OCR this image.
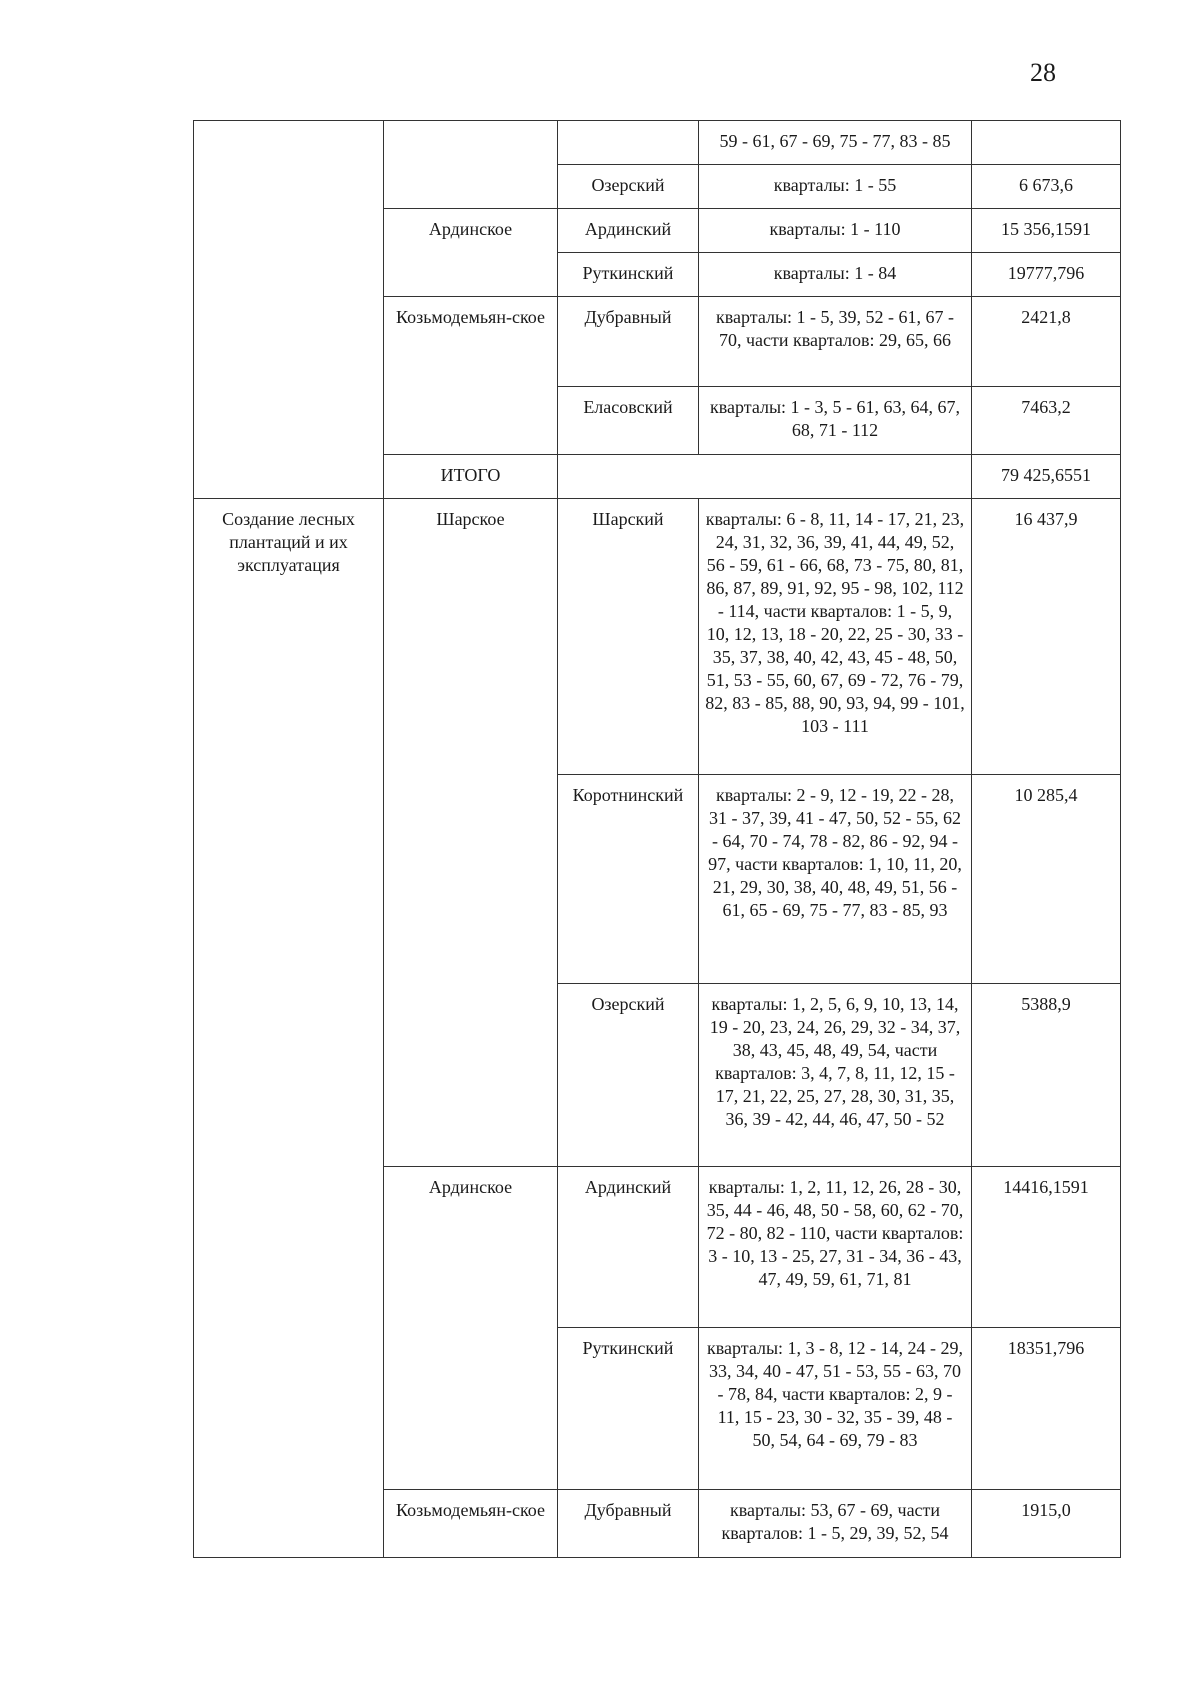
28
			59 - 61, 67 - 69, 75 - 77, 83 - 85	
		Озерский	кварталы: 1 - 55	6 673,6
	Ардинское	Ардинский	кварталы: 1 - 110	15 356,1591
		Руткинский	кварталы: 1 - 84	19777,796
	Козьмодемьян-ское	Дубравный	кварталы: 1 - 5, 39, 52 - 61, 67 - 70, части кварталов: 29, 65, 66	2421,8
		Еласовский	кварталы: 1 - 3, 5 - 61, 63, 64, 67, 68, 71 - 112	7463,2
	ИТОГО			79 425,6551
Создание лесных плантаций и их эксплуатация	Шарское	Шарский	кварталы: 6 - 8, 11, 14 - 17, 21, 23, 24, 31, 32, 36, 39, 41, 44, 49, 52, 56 - 59, 61 - 66, 68, 73 - 75, 80, 81, 86, 87, 89, 91, 92, 95 - 98, 102, 112 - 114, части кварталов: 1 - 5, 9, 10, 12, 13, 18 - 20, 22, 25 - 30, 33 - 35, 37, 38, 40, 42, 43, 45 - 48, 50, 51, 53 - 55, 60, 67, 69 - 72, 76 - 79, 82, 83 - 85, 88, 90, 93, 94, 99 - 101, 103 - 111	16 437,9
		Коротнинский	кварталы: 2 - 9, 12 - 19, 22 - 28, 31 - 37, 39, 41 - 47, 50, 52 - 55, 62 - 64, 70 - 74, 78 - 82, 86 - 92, 94 - 97, части кварталов: 1, 10, 11, 20, 21, 29, 30, 38, 40, 48, 49, 51, 56 - 61, 65 - 69, 75 - 77, 83 - 85, 93	10 285,4
		Озерский	кварталы: 1, 2, 5, 6, 9, 10, 13, 14, 19 - 20, 23, 24, 26, 29, 32 - 34, 37, 38, 43, 45, 48, 49, 54, части кварталов: 3, 4, 7, 8, 11, 12, 15 - 17, 21, 22, 25, 27, 28, 30, 31, 35, 36, 39 - 42, 44, 46, 47, 50 - 52	5388,9
	Ардинское	Ардинский	кварталы: 1, 2, 11, 12, 26, 28 - 30, 35, 44 - 46, 48, 50 - 58, 60, 62 - 70, 72 - 80, 82 - 110, части кварталов: 3 - 10, 13 - 25, 27, 31 - 34, 36 - 43, 47, 49, 59, 61, 71, 81	14416,1591
		Руткинский	кварталы: 1, 3 - 8, 12 - 14, 24 - 29, 33, 34, 40 - 47, 51 - 53, 55 - 63, 70 - 78, 84, части кварталов: 2, 9 - 11, 15 - 23, 30 - 32, 35 - 39, 48 - 50, 54, 64 - 69, 79 - 83	18351,796
	Козьмодемьян-ское	Дубравный	кварталы: 53, 67 - 69, части кварталов: 1 - 5, 29, 39, 52, 54	1915,0
